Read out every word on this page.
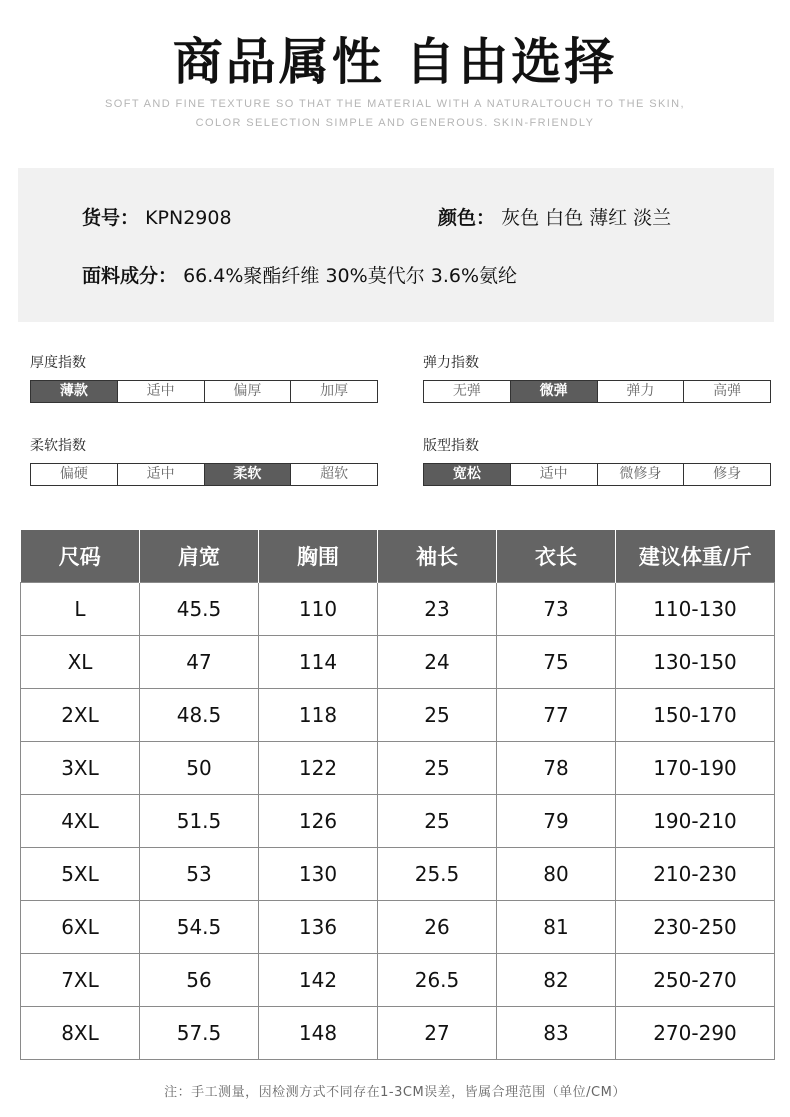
商品属性 自由选择
SOFT AND FINE TEXTURE SO THAT THE MATERIAL WITH A NATURALTOUCH TO THE SKIN,
COLOR SELECTION SIMPLE AND GENEROUS. SKIN-FRIENDLY
货号： KPN2908	颜色： 灰色 白色 薄红 淡兰
面料成分： 66.4%聚酯纤维 30%莫代尔 3.6%氨纶
厚度指数
薄款	适中	偏厚	加厚
弹力指数
无弹	微弹	弹力	高弹
柔软指数
偏硬	适中	柔软	超软
版型指数
宽松	适中	微修身	修身
尺码	肩宽	胸围	袖长	衣长	建议体重/斤
L	45.5	110	23	73	110-130
XL	47	114	24	75	130-150
2XL	48.5	118	25	77	150-170
3XL	50	122	25	78	170-190
4XL	51.5	126	25	79	190-210
5XL	53	130	25.5	80	210-230
6XL	54.5	136	26	81	230-250
7XL	56	142	26.5	82	250-270
8XL	57.5	148	27	83	270-290
注：手工测量，因检测方式不同存在1-3CM误差，皆属合理范围（单位/CM）
